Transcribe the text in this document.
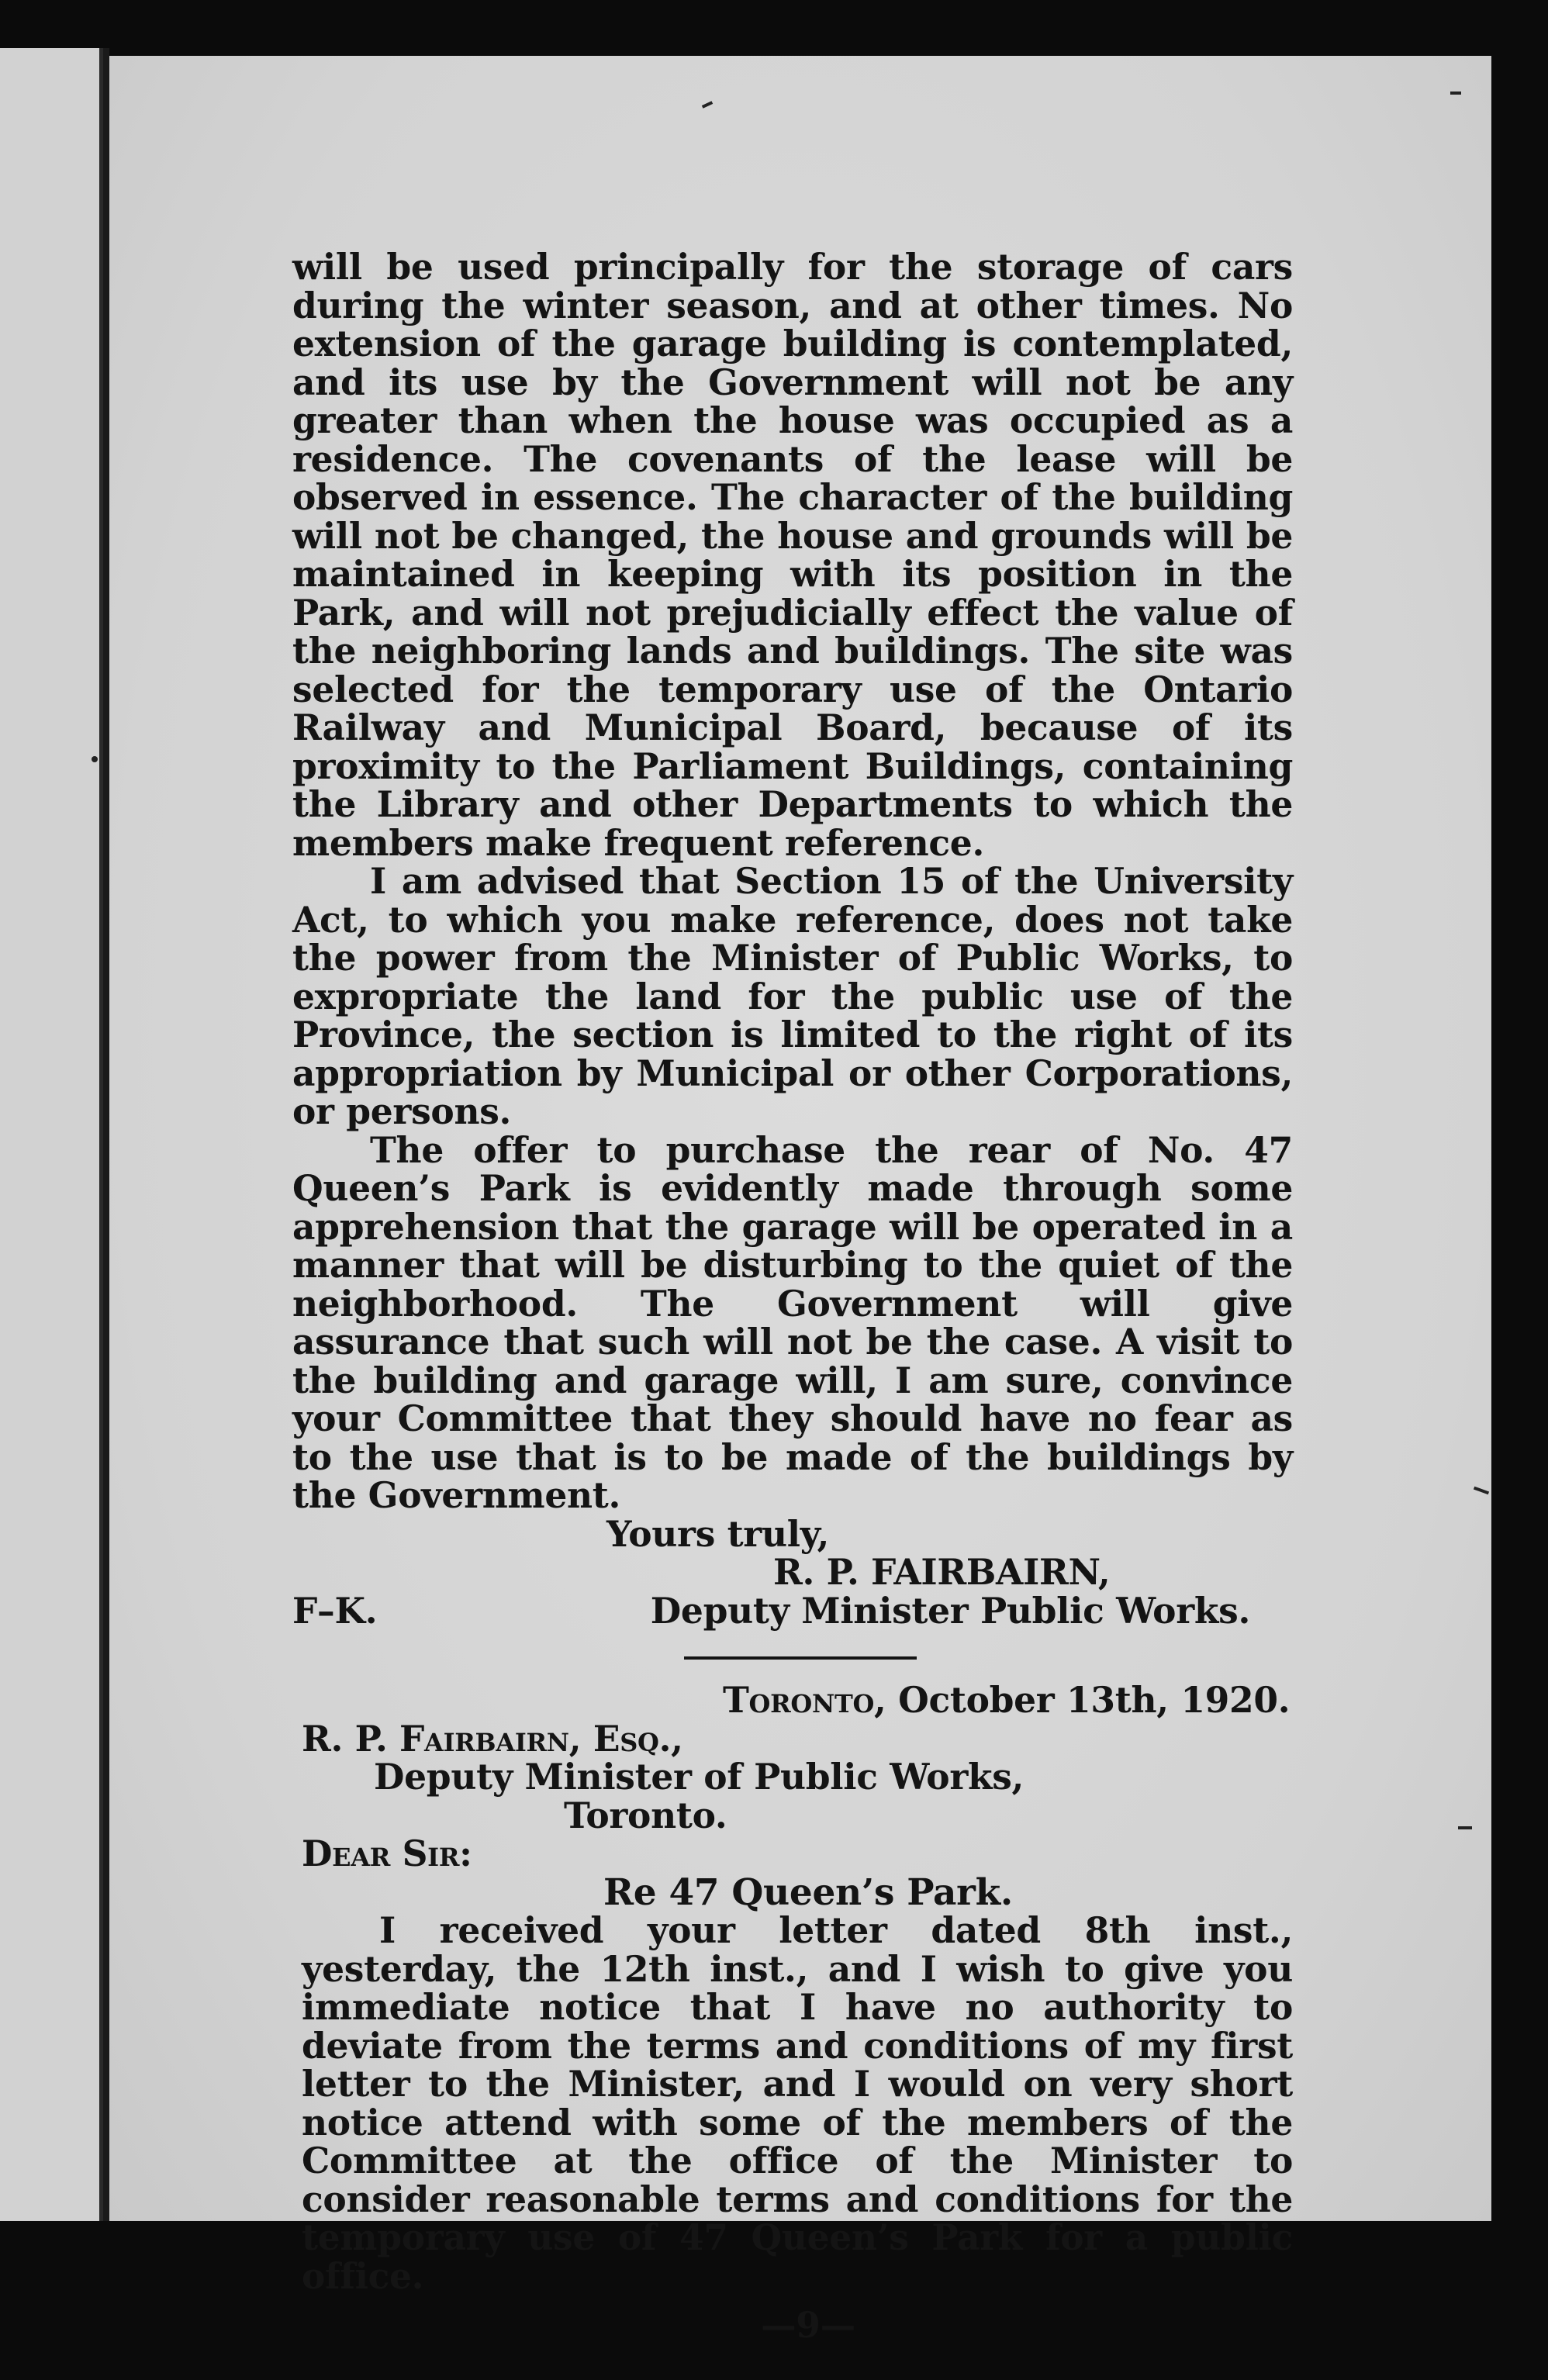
will be used principally for the storage of cars during the winter season, and at other times. No extension of the garage building is contemplated, and its use by the Government will not be any greater than when the house was occupied as a residence. The covenants of the lease will be observed in essence. The character of the building will not be changed, the house and grounds will be maintained in keeping with its position in the Park, and will not prejudicially effect the value of the neighboring lands and buildings. The site was selected for the temporary use of the Ontario Railway and Municipal Board, because of its proximity to the Parliament Buildings, containing the Library and other Departments to which the members make frequent reference.

I am advised that Section 15 of the University Act, to which you make reference, does not take the power from the Minister of Public Works, to expropriate the land for the public use of the Province, the section is limited to the right of its appropriation by Municipal or other Corporations, or persons.

The offer to purchase the rear of No. 47 Queen’s Park is evidently made through some apprehension that the garage will be operated in a manner that will be disturbing to the quiet of the neighborhood. The Government will give assurance that such will not be the case. A visit to the building and garage will, I am sure, convince your Committee that they should have no fear as to the use that is to be made of the buildings by the Government.

Yours truly,

R. P. FAIRBAIRN,

F–K.	Deputy Minister Public Works.

Toronto, October 13th, 1920.

R. P. Fairbairn, Esq.,

Deputy Minister of Public Works,

Toronto.

Dear Sir:

Re 47 Queen’s Park.

I received your letter dated 8th inst., yesterday, the 12th inst., and I wish to give you immediate notice that I have no authority to deviate from the terms and conditions of my first letter to the Minister, and I would on very short notice attend with some of the members of the Committee at the office of the Minister to consider reasonable terms and conditions for the temporary use of 47 Queen’s Park for a public office.

—9—
